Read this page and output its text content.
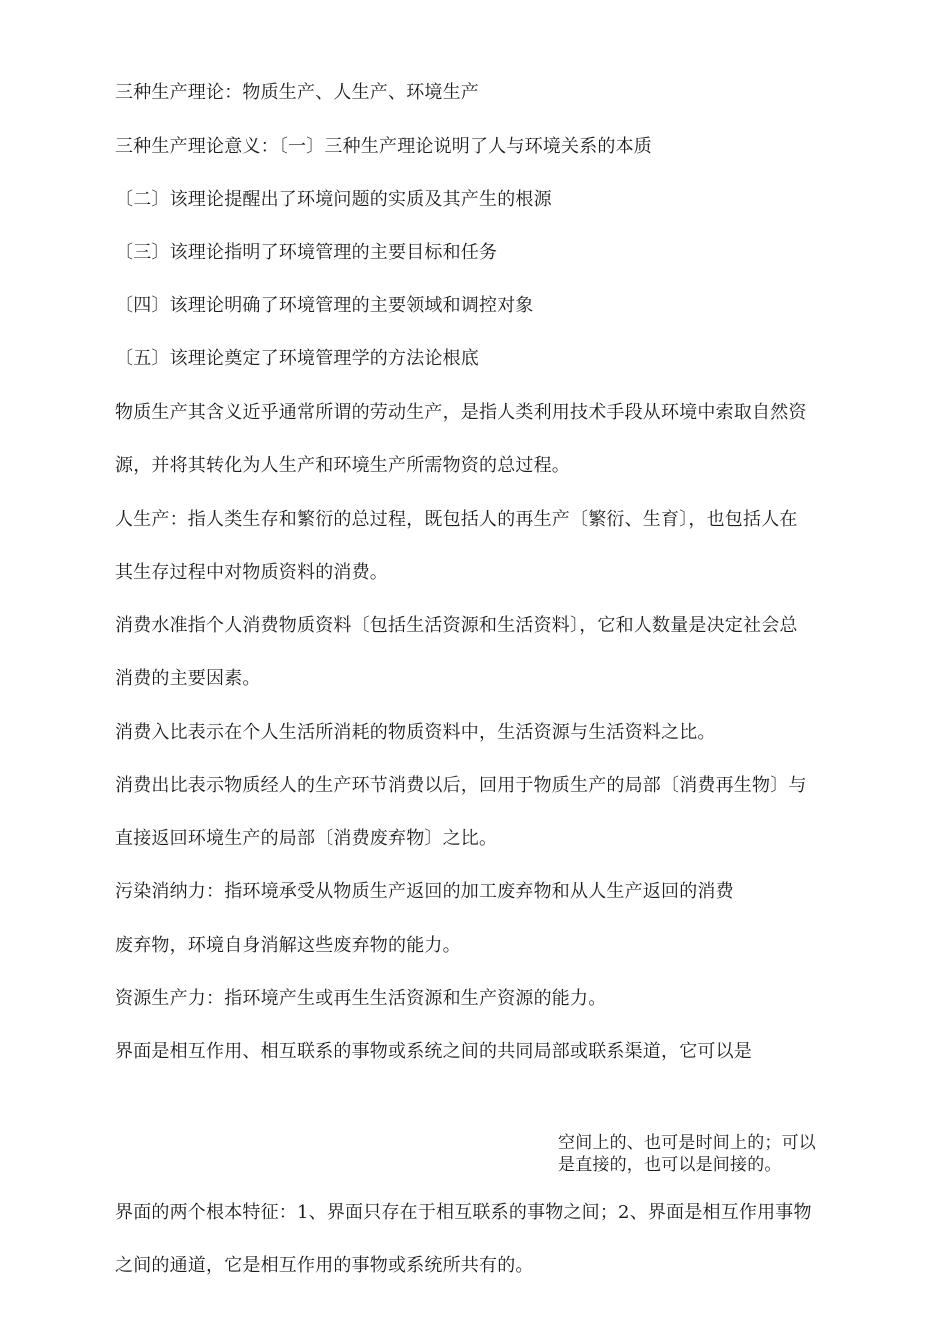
三种生产理论：物质生产、人生产、环境生产
三种生产理论意义：〔一〕三种生产理论说明了人与环境关系的本质
〔二〕该理论提醒出了环境问题的实质及其产生的根源
〔三〕该理论指明了环境管理的主要目标和任务
〔四〕该理论明确了环境管理的主要领域和调控对象
〔五〕该理论奠定了环境管理学的方法论根底
物质生产其含义近乎通常所谓的劳动生产，是指人类利用技术手段从环境中索取自然资
源，并将其转化为人生产和环境生产所需物资的总过程。
人生产：指人类生存和繁衍的总过程，既包括人的再生产〔繁衍、生育〕，也包括人在
其生存过程中对物质资料的消费。
消费水准指个人消费物质资料〔包括生活资源和生活资料〕，它和人数量是决定社会总
消费的主要因素。
消费入比表示在个人生活所消耗的物质资料中，生活资源与生活资料之比。
消费出比表示物质经人的生产环节消费以后，回用于物质生产的局部〔消费再生物〕与
直接返回环境生产的局部〔消费废弃物〕之比。
污染消纳力：指环境承受从物质生产返回的加工废弃物和从人生产返回的消费
废弃物，环境自身消解这些废弃物的能力。
资源生产力：指环境产生或再生生活资源和生产资源的能力。
界面是相互作用、相互联系的事物或系统之间的共同局部或联系渠道，它可以是
空间上的、也可是时间上的；可以
是直接的，也可以是间接的。
界面的两个根本特征：1、界面只存在于相互联系的事物之间；2、界面是相互作用事物
之间的通道，它是相互作用的事物或系统所共有的。
